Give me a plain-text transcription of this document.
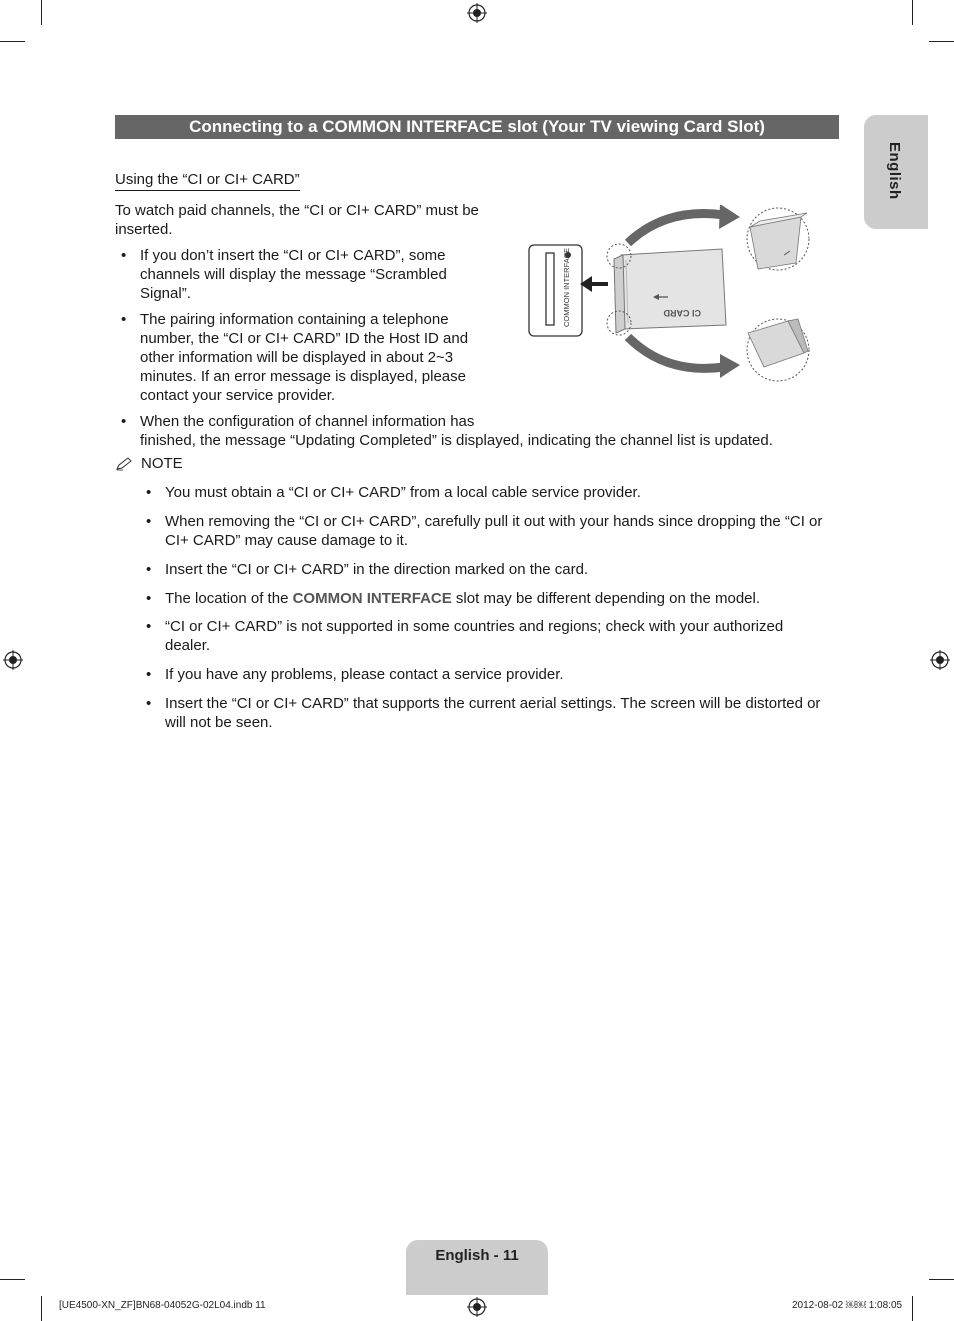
Connecting to a COMMON INTERFACE slot (Your TV viewing Card Slot)
English
Using the “CI or CI+ CARD”
To watch paid channels, the “CI or CI+ CARD” must be
inserted.
• If you don’t insert the “CI or CI+ CARD”, some
channels will display the message “Scrambled
Signal”.
• The pairing information containing a telephone
number, the “CI or CI+ CARD” ID the Host ID and
other information will be displayed in about 2~3
minutes. If an error message is displayed, please
contact your service provider.
• When the configuration of channel information has
finished, the message “Updating Completed” is displayed, indicating the channel list is updated.
COMMON INTERFACE	CI CARD
NOTE
• You must obtain a “CI or CI+ CARD” from a local cable service provider.
• When removing the “CI or CI+ CARD”, carefully pull it out with your hands since dropping the “CI or
CI+ CARD” may cause damage to it.
• Insert the “CI or CI+ CARD” in the direction marked on the card.
• The location of the COMMON INTERFACE slot may be different depending on the model.
• “CI or CI+ CARD” is not supported in some countries and regions; check with your authorized
dealer.
• If you have any problems, please contact a service provider.
• Insert the “CI or CI+ CARD” that supports the current aerial settings. The screen will be distorted or
will not be seen.
English - 11
[UE4500-XN_ZF]BN68-04052G-02L04.indb 11	2012-08-02 ￼￼ 1:08:05
